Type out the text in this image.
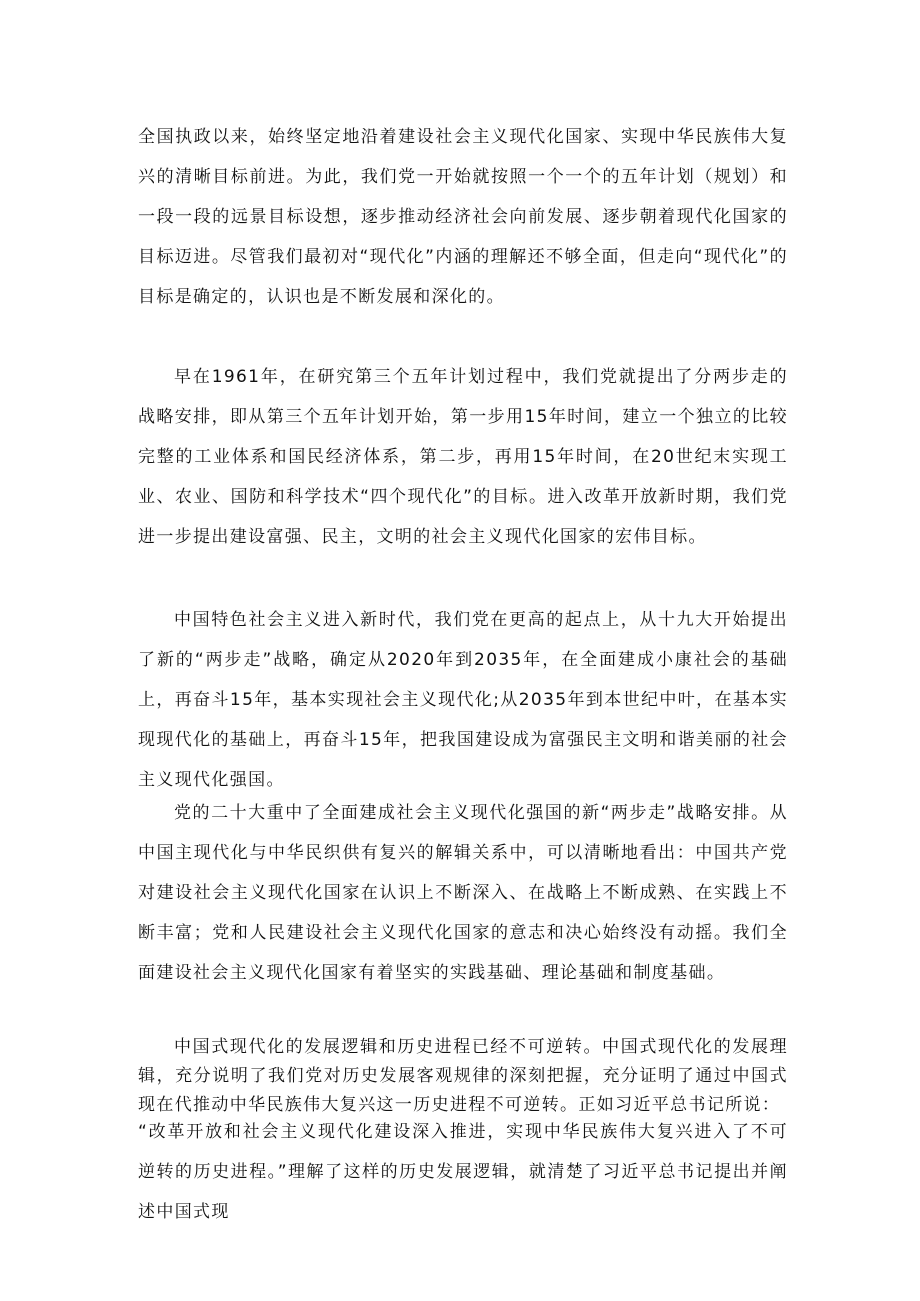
全国执政以来，始终坚定地沿着建设社会主义现代化国家、实现中华民族伟大复兴的清晰目标前进。为此，我们党一开始就按照一个一个的五年计划（规划）和一段一段的远景目标设想，逐步推动经济社会向前发展、逐步朝着现代化国家的目标迈进。尽管我们最初对“现代化”内涵的理解还不够全面，但走向“现代化”的目标是确定的，认识也是不断发展和深化的。

早在1961年，在研究第三个五年计划过程中，我们党就提出了分两步走的战略安排，即从第三个五年计划开始，第一步用15年时间，建立一个独立的比较完整的工业体系和国民经济体系，第二步，再用15年时间，在20世纪末实现工业、农业、国防和科学技术“四个现代化”的目标。进入改革开放新时期，我们党进一步提出建设富强、民主，文明的社会主义现代化国家的宏伟目标。

中国特色社会主义进入新时代，我们党在更高的起点上，从十九大开始提出了新的“两步走”战略，确定从2020年到2035年，在全面建成小康社会的基础上，再奋斗15年，基本实现社会主义现代化;从2035年到本世纪中叶，在基本实现现代化的基础上，再奋斗15年，把我国建设成为富强民主文明和谐美丽的社会主义现代化强国。

党的二十大重中了全面建成社会主义现代化强国的新“两步走”战略安排。从中国主现代化与中华民织供有复兴的解辑关系中，可以清晰地看出：中国共产党对建设社会主义现代化国家在认识上不断深入、在战略上不断成熟、在实践上不断丰富；党和人民建设社会主义现代化国家的意志和决心始终没有动摇。我们全面建设社会主义现代化国家有着坚实的实践基础、理论基础和制度基础。

中国式现代化的发展逻辑和历史进程已经不可逆转。中国式现代化的发展理辑，充分说明了我们党对历史发展客观规律的深刻把握，充分证明了通过中国式现在代推动中华民族伟大复兴这一历史进程不可逆转。正如习近平总书记所说：

“改革开放和社会主义现代化建设深入推进，实现中华民族伟大复兴进入了不可逆转的历史进程。”理解了这样的历史发展逻辑，就清楚了习近平总书记提出并阐述中国式现
